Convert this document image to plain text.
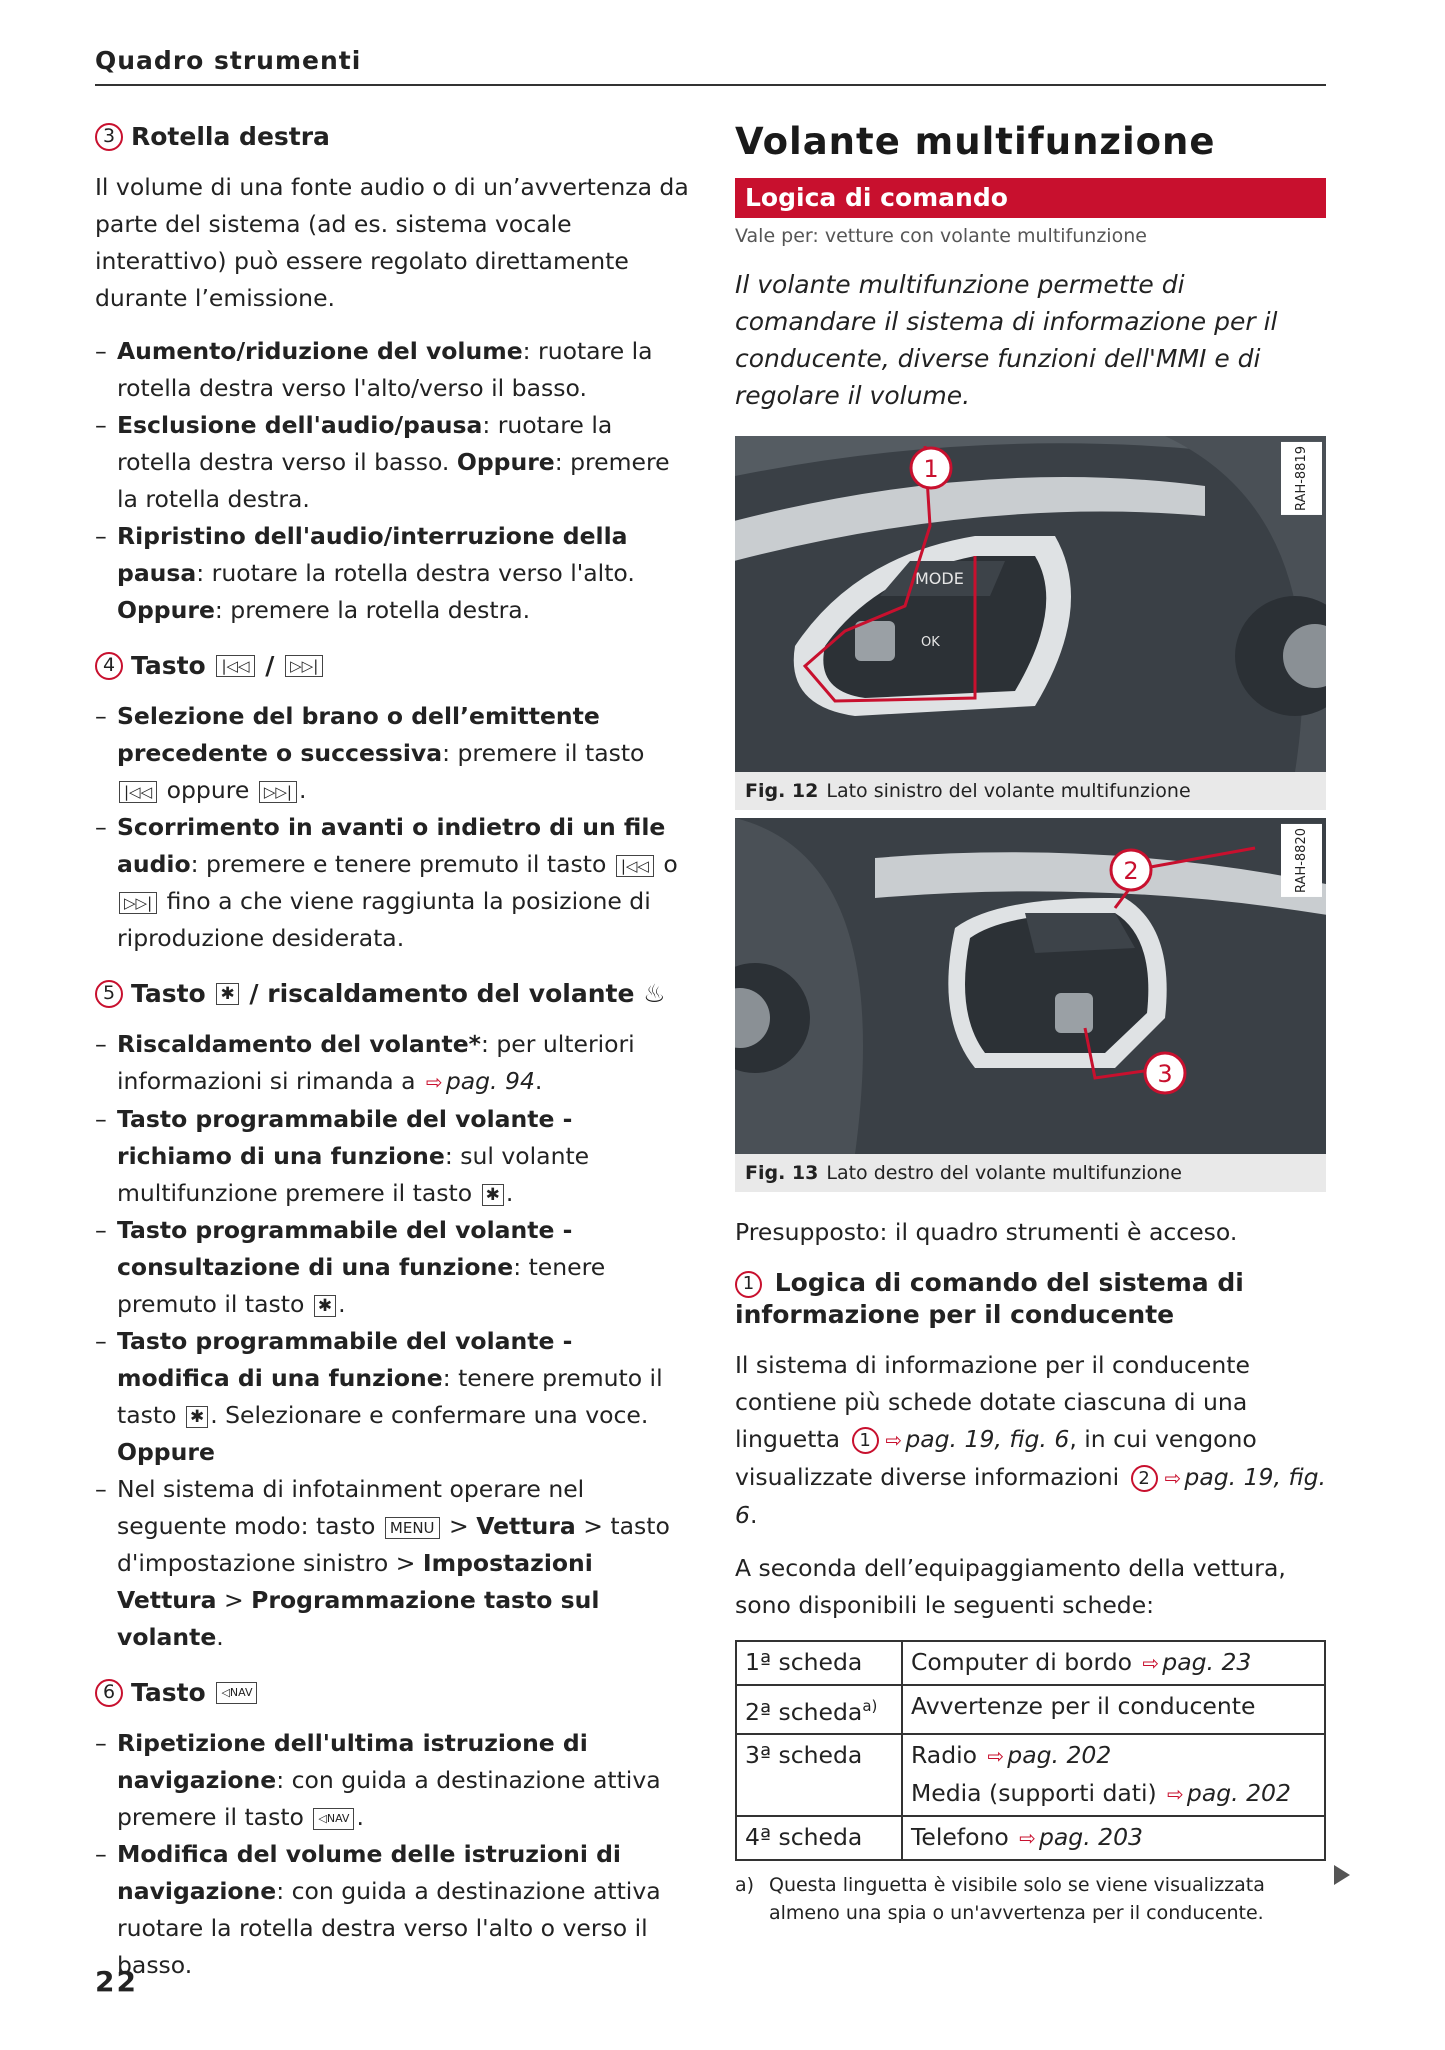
Quadro strumenti
3 Rotella destra

Il volume di una fonte audio o di un’avvertenza da parte del sistema (ad es. sistema vocale interattivo) può essere regolato direttamente durante l’emissione.

– Aumento/riduzione del volume: ruotare la rotella destra verso l'alto/verso il basso.
– Esclusione dell'audio/pausa: ruotare la rotella destra verso il basso. Oppure: premere la rotella destra.
– Ripristino dell'audio/interruzione della pausa: ruotare la rotella destra verso l'alto. Oppure: premere la rotella destra.
4 Tasto
	|◁◁
/
	▷▷|
– Selezione del brano o dell’emittente precedente o successiva: premere il tasto |◁◁ oppure ▷▷| .
– Scorrimento in avanti o indietro di un file audio: premere e tenere premuto il tasto |◁◁ o ▷▷| fino a che viene raggiunta la posizione di riproduzione desiderata.
5 Tasto
✱
/ riscaldamento del volante
♨
– Riscaldamento del volante*: per ulteriori informazioni si rimanda a ⇨ pag. 94.
– Tasto programmabile del volante - richiamo di una funzione: sul volante multifunzione premere il tasto ✱ .
– Tasto programmabile del volante - consultazione di una funzione: tenere premuto il tasto ✱ .
– Tasto programmabile del volante - modifica di una funzione: tenere premuto il tasto ✱ . Selezionare e confermare una voce. Oppure
– Nel sistema di infotainment operare nel seguente modo: tasto MENU > Vettura > tasto d'impostazione sinistro > Impostazioni Vettura > Programmazione tasto sul volante.
6 Tasto
	◁NAV
– Ripetizione dell'ultima istruzione di navigazione: con guida a destinazione attiva premere il tasto ◁NAV .
– Modifica del volume delle istruzioni di navigazione: con guida a destinazione attiva ruotare la rotella destra verso l'alto o verso il basso.
Volante multifunzione
Logica di comando
Vale per: vetture con volante multifunzione
Il volante multifunzione permette di comandare il sistema di informazione per il conducente, diverse funzioni dell'MMI e di regolare il volume.
MODE
OK
1	RAH-8819
Fig. 12 Lato sinistro del volante multifunzione
2
3
RAH-8820
Fig. 13 Lato destro del volante multifunzione

Presupposto: il quadro strumenti è acceso.

1 Logica di comando del sistema di informazione per il conducente

Il sistema di informazione per il conducente contiene più schede dotate ciascuna di una linguetta 1 ⇨ pag. 19, fig. 6, in cui vengono visualizzate diverse informazioni 2 ⇨ pag. 19, fig. 6.

A seconda dell’equipaggiamento della vettura, sono disponibili le seguenti schede:

1ª scheda	Computer di bordo ⇨ pag. 23
2ª scheda$^{a)}$	Avvertenze per il conducente
3ª scheda	Radio ⇨ pag. 202
Media (supporti dati) ⇨ pag. 202
4ª scheda	Telefono ⇨ pag. 203
a) Questa linguetta è visibile solo se viene visualizzata almeno una spia o un'avvertenza per il conducente.
22
